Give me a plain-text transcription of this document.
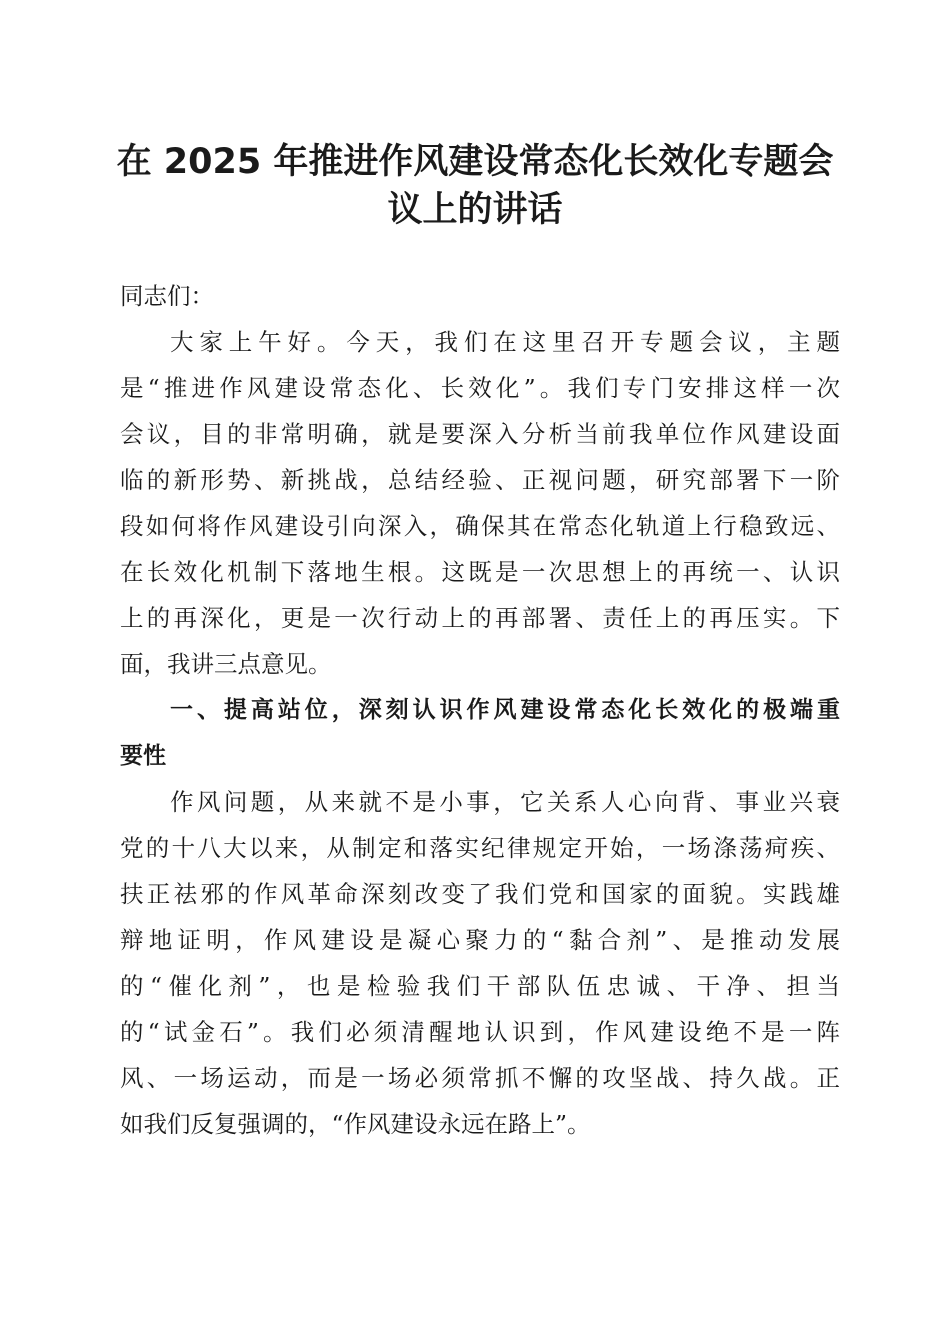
在 2025 年推进作风建设常态化长效化专题会
议上的讲话
同志们：
大家上午好。今天，我们在这里召开专题会议，主题
是“推进作风建设常态化、长效化”。我们专门安排这样一次
会议，目的非常明确，就是要深入分析当前我单位作风建设面
临的新形势、新挑战，总结经验、正视问题，研究部署下一阶
段如何将作风建设引向深入，确保其在常态化轨道上行稳致远、
在长效化机制下落地生根。这既是一次思想上的再统一、认识
上的再深化，更是一次行动上的再部署、责任上的再压实。下
面，我讲三点意见。
一、提高站位，深刻认识作风建设常态化长效化的极端重
要性
作风问题，从来就不是小事，它关系人心向背、事业兴衰
党的十八大以来，从制定和落实纪律规定开始，一场涤荡疴疾、
扶正祛邪的作风革命深刻改变了我们党和国家的面貌。实践雄
辩地证明，作风建设是凝心聚力的“黏合剂”、是推动发展
的“催化剂”，也是检验我们干部队伍忠诚、干净、担当
的“试金石”。我们必须清醒地认识到，作风建设绝不是一阵
风、一场运动，而是一场必须常抓不懈的攻坚战、持久战。正
如我们反复强调的，“作风建设永远在路上”。
